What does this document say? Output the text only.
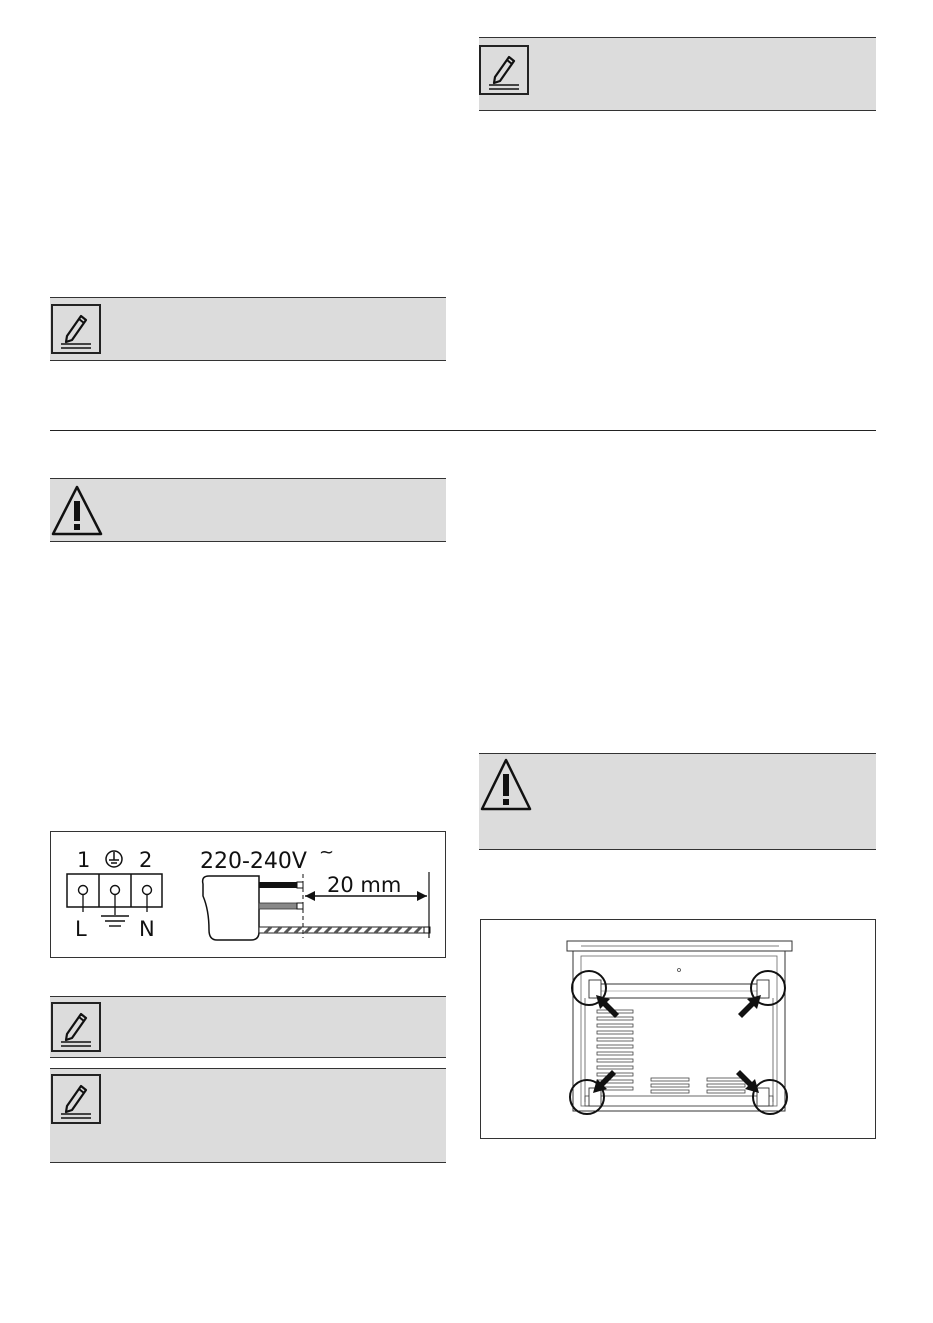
1 2
L N
220-240V ~
20 mm
